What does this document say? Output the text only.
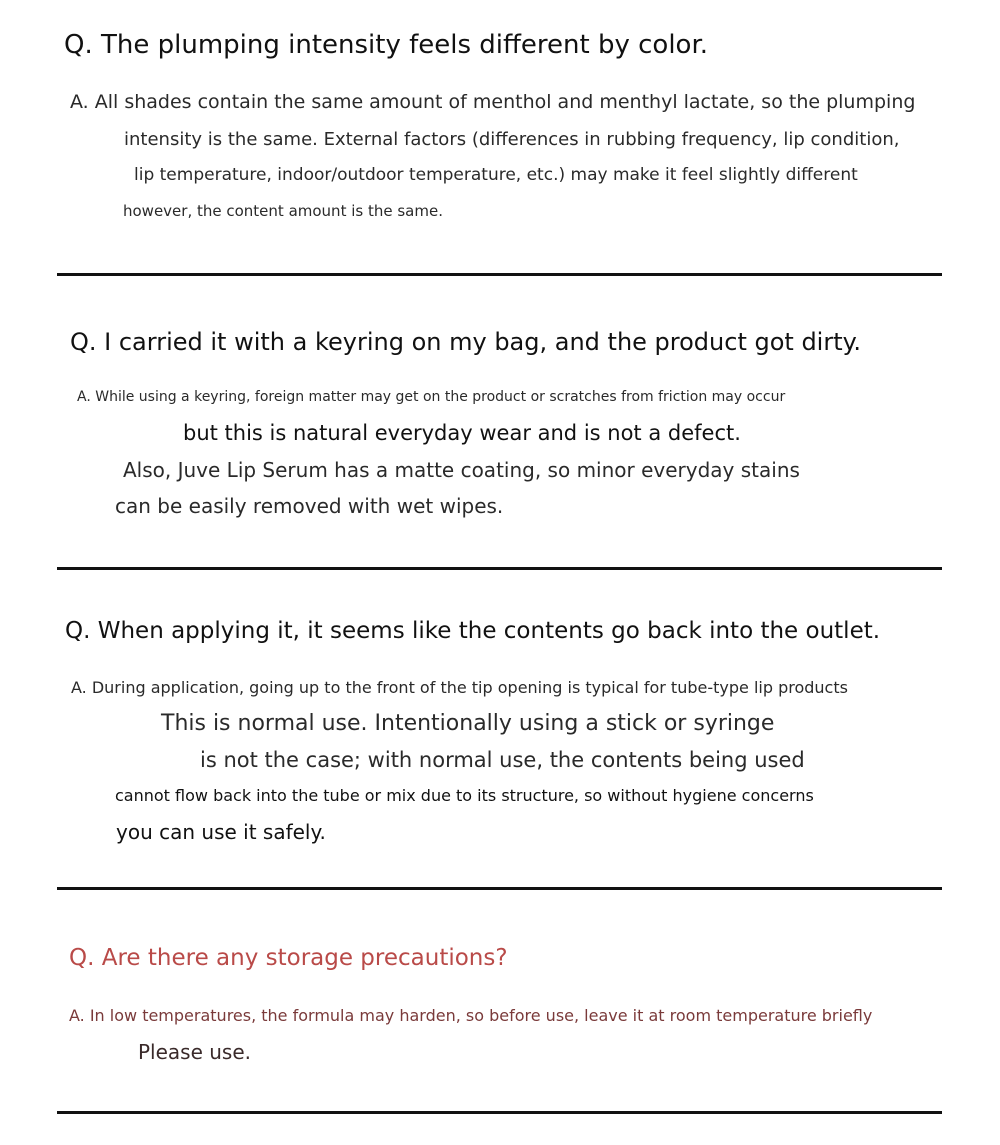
Q. The plumping intensity feels different by color.
A. All shades contain the same amount of menthol and menthyl lactate, so the plumping
intensity is the same. External factors (differences in rubbing frequency, lip condition,
lip temperature, indoor/outdoor temperature, etc.) may make it feel slightly different
however, the content amount is the same.
Q. I carried it with a keyring on my bag, and the product got dirty.
A. While using a keyring, foreign matter may get on the product or scratches from friction may occur
but this is natural everyday wear and is not a defect.
Also, Juve Lip Serum has a matte coating, so minor everyday stains
can be easily removed with wet wipes.
Q. When applying it, it seems like the contents go back into the outlet.
A. During application, going up to the front of the tip opening is typical for tube-type lip products
This is normal use. Intentionally using a stick or syringe
is not the case; with normal use, the contents being used
cannot flow back into the tube or mix due to its structure, so without hygiene concerns
you can use it safely.
Q. Are there any storage precautions?
A. In low temperatures, the formula may harden, so before use, leave it at room temperature briefly
Please use.
